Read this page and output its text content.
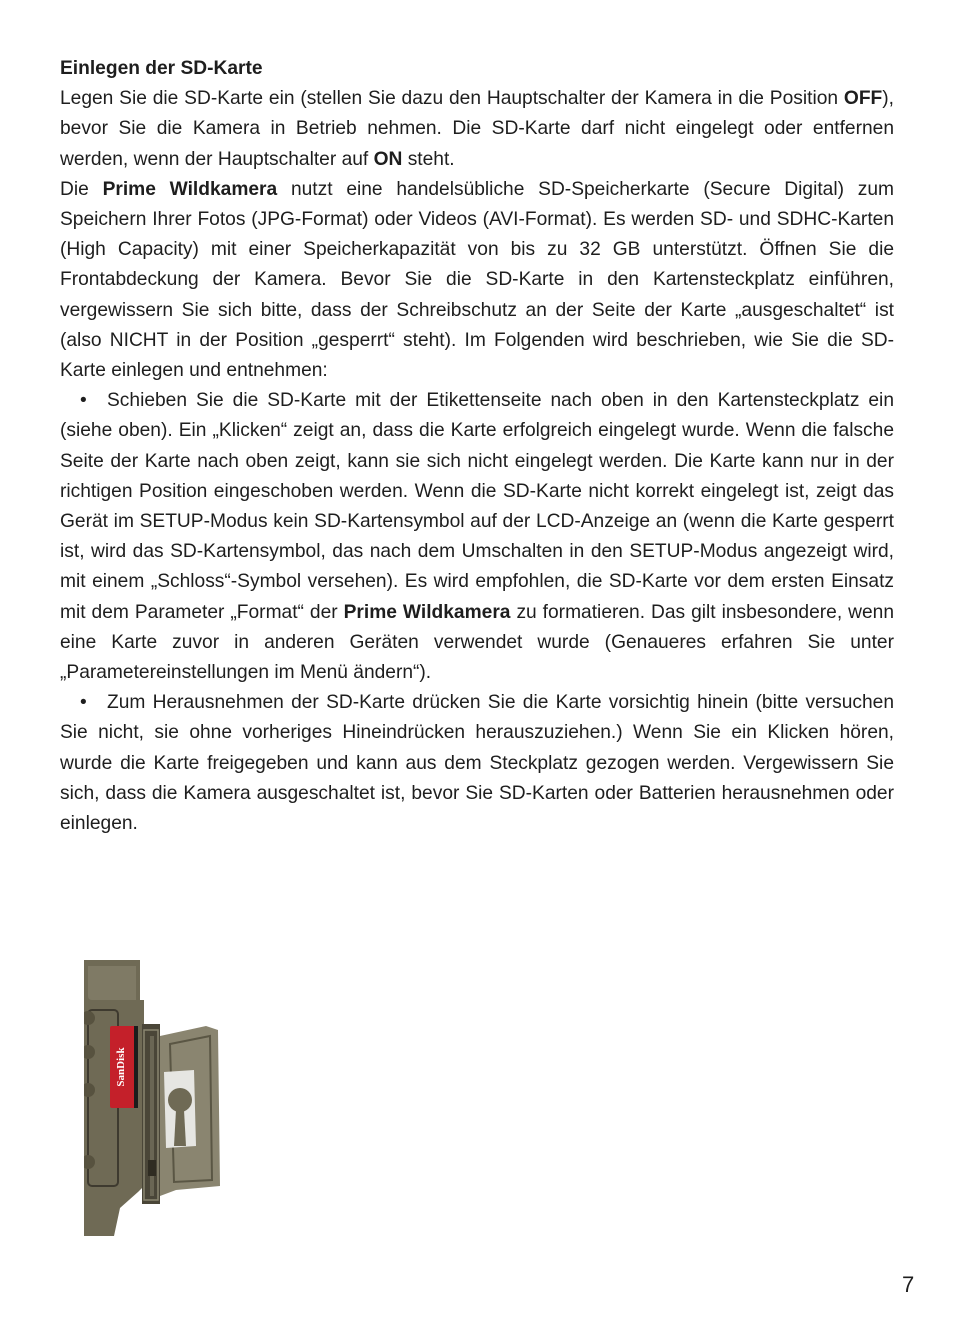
Einlegen der SD-Karte

Legen Sie die SD-Karte ein (stellen Sie dazu den Hauptschalter der Kamera in die Position OFF), bevor Sie die Kamera in Betrieb nehmen. Die SD-Karte darf nicht eingelegt oder entfernen werden, wenn der Hauptschalter auf ON steht.

Die Prime Wildkamera nutzt eine handelsübliche SD-Speicherkarte (Secure Digital) zum Speichern Ihrer Fotos (JPG-Format) oder Videos (AVI-Format). Es werden SD- und SDHC-Karten (High Capacity) mit einer Speicherkapazität von bis zu 32 GB unterstützt. Öffnen Sie die Frontabdeckung der Kamera. Bevor Sie die SD-Karte in den Kartensteckplatz einführen, vergewissern Sie sich bitte, dass der Schreibschutz an der Seite der Karte „ausgeschaltet“ ist (also NICHT in der Position „gesperrt“ steht). Im Folgenden wird beschrieben, wie Sie die SD-Karte einlegen und entnehmen:

• Schieben Sie die SD-Karte mit der Etikettenseite nach oben in den Kartensteckplatz ein (siehe oben). Ein „Klicken“ zeigt an, dass die Karte erfolgreich eingelegt wurde. Wenn die falsche Seite der Karte nach oben zeigt, kann sie sich nicht eingelegt werden. Die Karte kann nur in der richtigen Position eingeschoben werden. Wenn die SD-Karte nicht korrekt eingelegt ist, zeigt das Gerät im SETUP-Modus kein SD-Kartensymbol auf der LCD-Anzeige an (wenn die Karte gesperrt ist, wird das SD-Kartensymbol, das nach dem Umschalten in den SETUP-Modus angezeigt wird, mit einem „Schloss“-Symbol versehen). Es wird empfohlen, die SD-Karte vor dem ersten Einsatz mit dem Parameter „Format“ der Prime Wildkamera zu formatieren. Das gilt insbesondere, wenn eine Karte zuvor in anderen Geräten verwendet wurde (Genaueres erfahren Sie unter „Parametereinstellungen im Menü ändern“).

• Zum Herausnehmen der SD-Karte drücken Sie die Karte vorsichtig hinein (bitte versuchen Sie nicht, sie ohne vorheriges Hineindrücken herauszuziehen.) Wenn Sie ein Klicken hören, wurde die Karte freigegeben und kann aus dem Steckplatz gezogen werden. Vergewissern Sie sich, dass die Kamera ausgeschaltet ist, bevor Sie SD-Karten oder Batterien herausnehmen oder einlegen.

SanDisk
7
